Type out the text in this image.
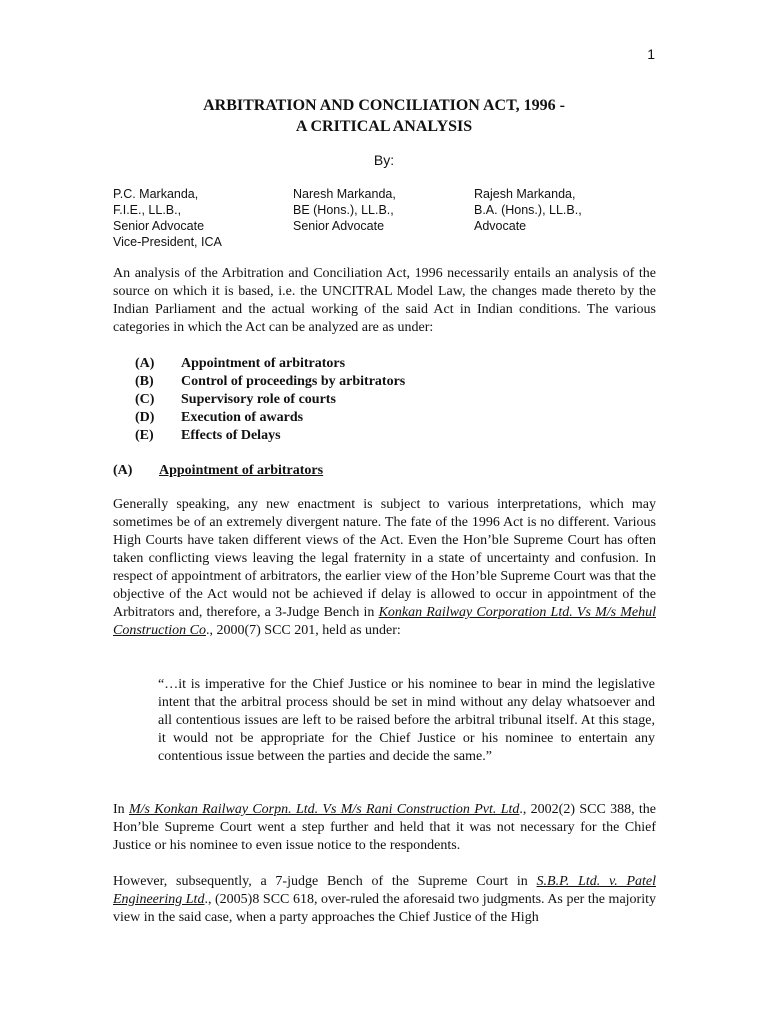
1
ARBITRATION AND CONCILIATION ACT, 1996 -
A CRITICAL ANALYSIS
By:
P.C. Markanda,
F.I.E., LL.B.,
Senior Advocate
Vice-President, ICA
Naresh Markanda,
BE (Hons.), LL.B.,
Senior Advocate
Rajesh Markanda,
B.A. (Hons.), LL.B.,
Advocate

An analysis of the Arbitration and Conciliation Act, 1996 necessarily entails an analysis of the source on which it is based, i.e. the UNCITRAL Model Law, the changes made thereto by the Indian Parliament and the actual working of the said Act in Indian conditions. The various categories in which the Act can be analyzed are as under:

(A)	Appointment of arbitrators
(B)	Control of proceedings by arbitrators
(C)	Supervisory role of courts
(D)	Execution of awards
(E)	Effects of Delays
(A)	Appointment of arbitrators

Generally speaking, any new enactment is subject to various interpretations, which may sometimes be of an extremely divergent nature. The fate of the 1996 Act is no different. Various High Courts have taken different views of the Act. Even the Hon’ble Supreme Court has often taken conflicting views leaving the legal fraternity in a state of uncertainty and confusion. In respect of appointment of arbitrators, the earlier view of the Hon’ble Supreme Court was that the objective of the Act would not be achieved if delay is allowed to occur in appointment of the Arbitrators and, therefore, a 3-Judge Bench in Konkan Railway Corporation Ltd. Vs M/s Mehul Construction Co., 2000(7) SCC 201, held as under:

“…it is imperative for the Chief Justice or his nominee to bear in mind the legislative intent that the arbitral process should be set in mind without any delay whatsoever and all contentious issues are left to be raised before the arbitral tribunal itself. At this stage, it would not be appropriate for the Chief Justice or his nominee to entertain any contentious issue between the parties and decide the same.”

In M/s Konkan Railway Corpn. Ltd. Vs M/s Rani Construction Pvt. Ltd., 2002(2) SCC 388, the Hon’ble Supreme Court went a step further and held that it was not necessary for the Chief Justice or his nominee to even issue notice to the respondents.

However, subsequently, a 7-judge Bench of the Supreme Court in S.B.P. Ltd. v. Patel Engineering Ltd., (2005)8 SCC 618, over-ruled the aforesaid two judgments. As per the majority view in the said case, when a party approaches the Chief Justice of the High
